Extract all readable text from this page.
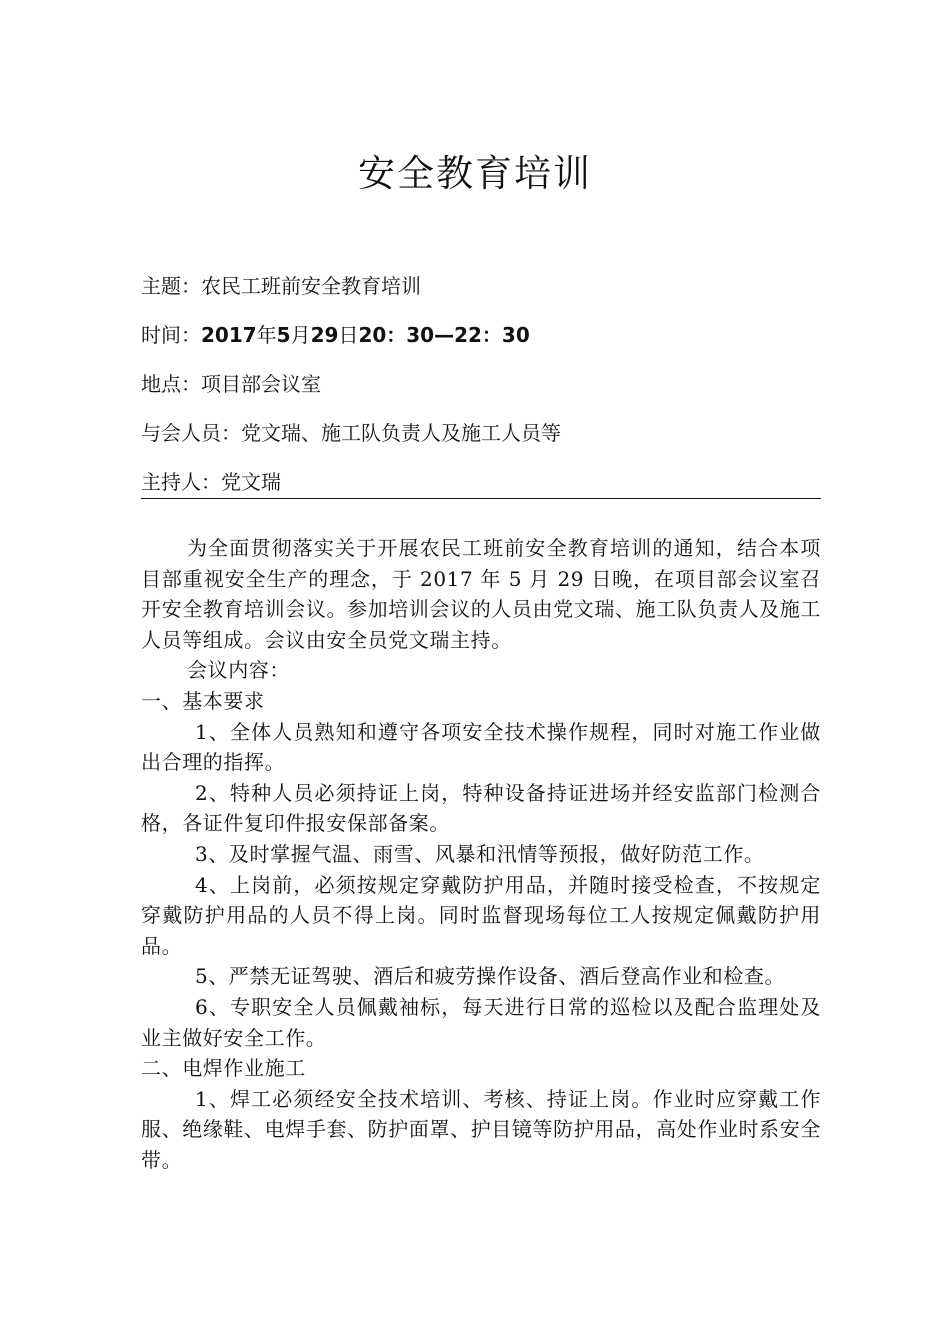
安全教育培训
主题：农民工班前安全教育培训
时间：2017年5月29日20：30—22：30
地点：项目部会议室
与会人员：党文瑞、施工队负责人及施工人员等
主持人：党文瑞

为全面贯彻落实关于开展农民工班前安全教育培训的通知，结合本项目部重视安全生产的理念，于 2017 年 5 月 29 日晚，在项目部会议室召开安全教育培训会议。参加培训会议的人员由党文瑞、施工队负责人及施工人员等组成。会议由安全员党文瑞主持。

会议内容：

一、基本要求

1、全体人员熟知和遵守各项安全技术操作规程，同时对施工作业做出合理的指挥。

2、特种人员必须持证上岗，特种设备持证进场并经安监部门检测合格，各证件复印件报安保部备案。

3、及时掌握气温、雨雪、风暴和汛情等预报，做好防范工作。

4、上岗前，必须按规定穿戴防护用品，并随时接受检查，不按规定穿戴防护用品的人员不得上岗。同时监督现场每位工人按规定佩戴防护用品。

5、严禁无证驾驶、酒后和疲劳操作设备、酒后登高作业和检查。

6、专职安全人员佩戴袖标，每天进行日常的巡检以及配合监理处及业主做好安全工作。

二、电焊作业施工

1、焊工必须经安全技术培训、考核、持证上岗。作业时应穿戴工作服、绝缘鞋、电焊手套、防护面罩、护目镜等防护用品，高处作业时系安全带。
